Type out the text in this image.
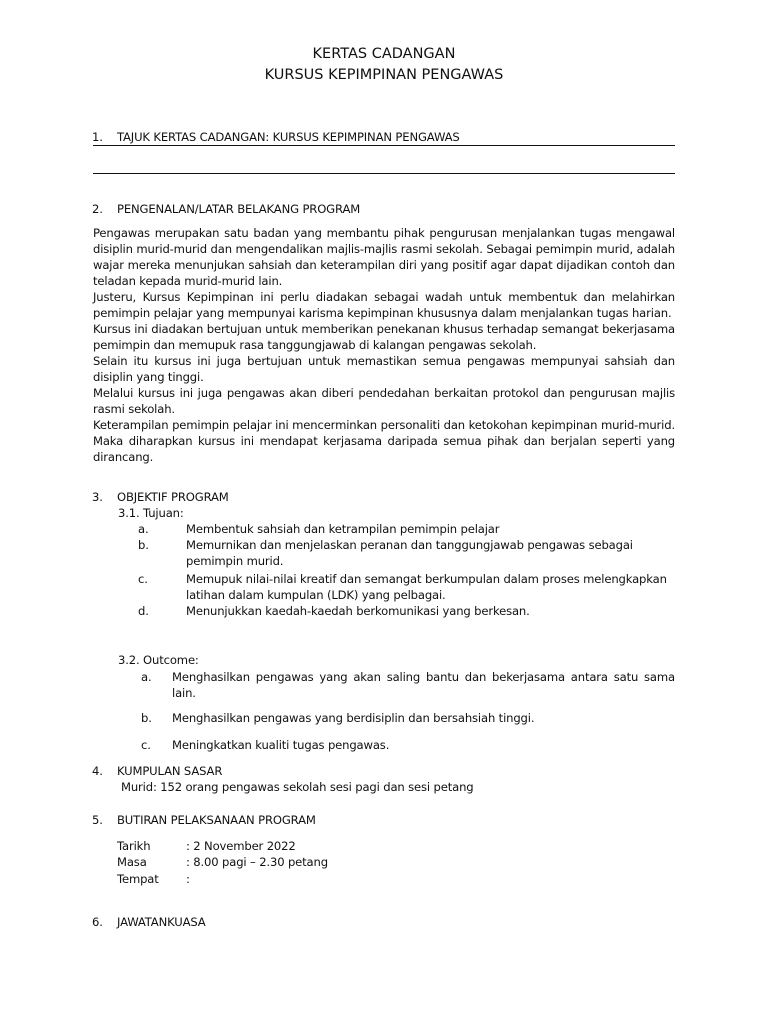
KERTAS CADANGAN
KURSUS KEPIMPINAN PENGAWAS
1. TAJUK KERTAS CADANGAN: KURSUS KEPIMPINAN PENGAWAS
2. PENGENALAN/LATAR BELAKANG PROGRAM

Pengawas merupakan satu badan yang membantu pihak pengurusan menjalankan tugas mengawal disiplin murid-murid dan mengendalikan majlis-majlis rasmi sekolah. Sebagai pemimpin murid, adalah wajar mereka menunjukan sahsiah dan keterampilan diri yang positif agar dapat dijadikan contoh dan teladan kepada murid-murid lain.

Justeru, Kursus Kepimpinan ini perlu diadakan sebagai wadah untuk membentuk dan melahirkan pemimpin pelajar yang mempunyai karisma kepimpinan khususnya dalam menjalankan tugas harian.

Kursus ini diadakan bertujuan untuk memberikan penekanan khusus terhadap semangat bekerjasama pemimpin dan memupuk rasa tanggungjawab di kalangan pengawas sekolah.

Selain itu kursus ini juga bertujuan untuk memastikan semua pengawas mempunyai sahsiah dan disiplin yang tinggi.

Melalui kursus ini juga pengawas akan diberi pendedahan berkaitan protokol dan pengurusan majlis rasmi sekolah.

Keterampilan pemimpin pelajar ini mencerminkan personaliti dan ketokohan kepimpinan murid-murid. Maka diharapkan kursus ini mendapat kerjasama daripada semua pihak dan berjalan seperti yang dirancang.

3. OBJEKTIF PROGRAM
3.1. Tujuan:
a.	Membentuk sahsiah dan ketrampilan pemimpin pelajar
b.	Memurnikan dan menjelaskan peranan dan tanggungjawab pengawas sebagai pemimpin murid.
c.	Memupuk nilai-nilai kreatif dan semangat berkumpulan dalam proses melengkapkan latihan dalam kumpulan (LDK) yang pelbagai.
d.	Menunjukkan kaedah-kaedah berkomunikasi yang berkesan.
3.2. Outcome:
a. Menghasilkan pengawas yang akan saling bantu dan bekerjasama antara satu sama lain.
b. Menghasilkan pengawas yang berdisiplin dan bersahsiah tinggi.
c. Meningkatkan kualiti tugas pengawas.
4. KUMPULAN SASAR
Murid: 152 orang pengawas sekolah sesi pagi dan sesi petang
5. BUTIRAN PELAKSANAAN PROGRAM
Tarikh	: 2 November 2022
Masa	: 8.00 pagi – 2.30 petang
Tempat :
6. JAWATANKUASA
